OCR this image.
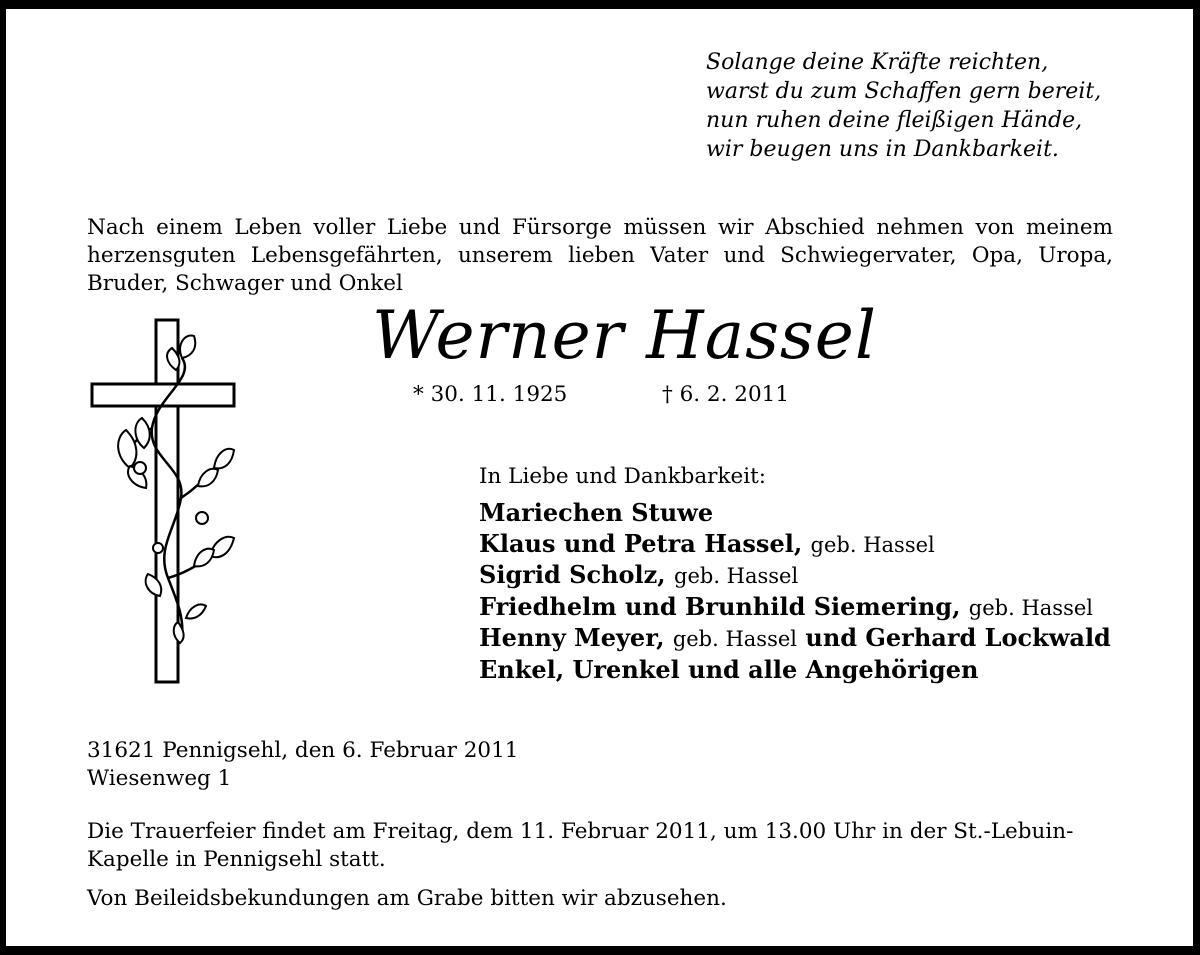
Solange deine Kräfte reichten,
warst du zum Schaffen gern bereit,
nun ruhen deine fleißigen Hände,
wir beugen uns in Dankbarkeit.
Nach einem Leben voller Liebe und Fürsorge müssen wir Abschied nehmen von meinem herzensguten Lebensgefährten, unserem lieben Vater und Schwiegervater, Opa, Uropa, Bruder, Schwager und Onkel
Werner Hassel
* 30. 11. 1925	† 6. 2. 2011
In Liebe und Dankbarkeit:
Mariechen Stuwe
Klaus und Petra Hassel, geb. Hassel
Sigrid Scholz, geb. Hassel
Friedhelm und Brunhild Siemering, geb. Hassel
Henny Meyer, geb. Hassel und Gerhard Lockwald
Enkel, Urenkel und alle Angehörigen
31621 Pennigsehl, den 6. Februar 2011
Wiesenweg 1
Die Trauerfeier findet am Freitag, dem 11. Februar 2011, um 13.00 Uhr in der St.-Lebuin-Kapelle in Pennigsehl statt.
Von Beileidsbekundungen am Grabe bitten wir abzusehen.
